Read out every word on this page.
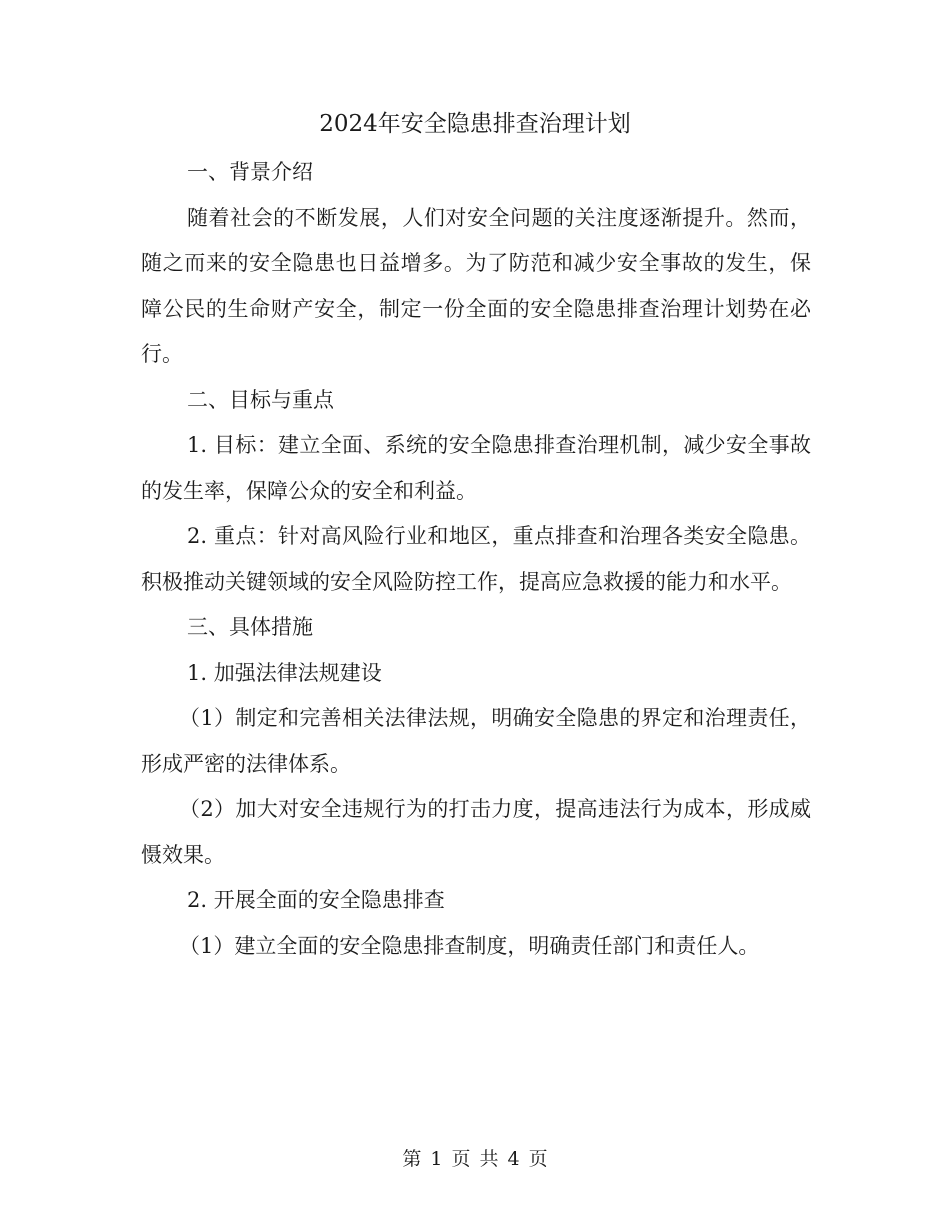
2024年安全隐患排查治理计划

一、背景介绍

随着社会的不断发展，人们对安全问题的关注度逐渐提升。然而，随之而来的安全隐患也日益增多。为了防范和减少安全事故的发生，保障公民的生命财产安全，制定一份全面的安全隐患排查治理计划势在必行。

二、目标与重点

1. 目标：建立全面、系统的安全隐患排查治理机制，减少安全事故的发生率，保障公众的安全和利益。

2. 重点：针对高风险行业和地区，重点排查和治理各类安全隐患。积极推动关键领域的安全风险防控工作，提高应急救援的能力和水平。

三、具体措施

1. 加强法律法规建设

（1）制定和完善相关法律法规，明确安全隐患的界定和治理责任，形成严密的法律体系。

（2）加大对安全违规行为的打击力度，提高违法行为成本，形成威慑效果。

2. 开展全面的安全隐患排查

（1）建立全面的安全隐患排查制度，明确责任部门和责任人。

第 1 页 共 4 页
